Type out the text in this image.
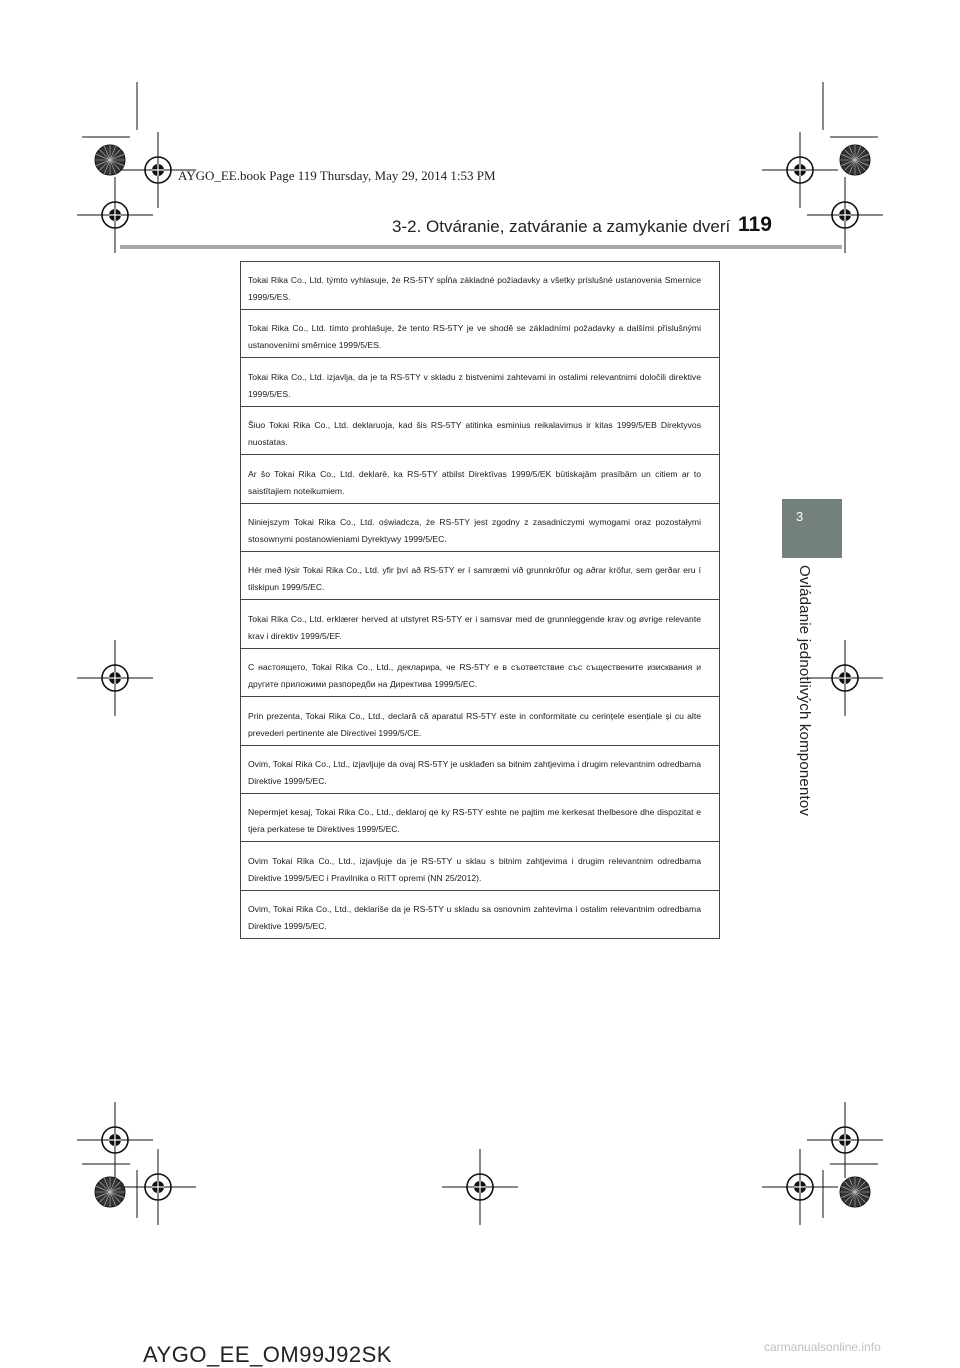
AYGO_EE.book Page 119 Thursday, May 29, 2014 1:53 PM
3-2. Otváranie, zatváranie a zamykanie dverí 119
3
Ovládanie jednotlivých komponentov
Tokai Rika Co., Ltd. týmto vyhlasuje, že RS-5TY spĺňa základné požiadavky a všetky príslušné ustanovenia Smernice 1999/5/ES.
Tokai Rika Co., Ltd. tímto prohlašuje, že tento RS-5TY je ve shodě se základními požadavky a dalšími příslušnými ustanoveními směrnice 1999/5/ES.
Tokai Rika Co., Ltd. izjavlja, da je ta RS-5TY v skladu z bistvenimi zahtevami in ostalimi relevantnimi določili direktive 1999/5/ES.
Šiuo Tokai Rika Co., Ltd. deklaruoja, kad šis RS-5TY atitinka esminius reikalavimus ir kitas 1999/5/EB Direktyvos nuostatas.
Ar šo Tokai Rika Co., Ltd. deklarē, ka RS-5TY atbilst Direktīvas 1999/5/EK būtiskajām prasībām un citiem ar to saistītajiem noteikumiem.
Niniejszym Tokai Rika Co., Ltd. oświadcza, że RS-5TY jest zgodny z zasadniczymi wymogami oraz pozostałymi stosownymi postanowieniami Dyrektywy 1999/5/EC.
Hér með lýsir Tokai Rika Co., Ltd. yfir því að RS-5TY er í samræmi við grunnkröfur og aðrar kröfur, sem gerðar eru í tilskipun 1999/5/EC.
Tokai Rika Co., Ltd. erklærer herved at utstyret RS-5TY er i samsvar med de grunnleggende krav og øvrige relevante krav i direktiv 1999/5/EF.
С настоящето, Tokai Rika Co., Ltd., декларира, че RS-5TY е в съответствие със съществените изисквания и другите приложими разпоредби на Директива 1999/5/EC.
Prin prezenta, Tokai Rika Co., Ltd., declară că aparatul RS-5TY este in conformitate cu cerințele esențiale și cu alte prevederi pertinente ale Directivei 1999/5/CE.
Ovim, Tokai Rika Co., Ltd., izjavljuje da ovaj RS-5TY je usklađen sa bitnim zahtjevima i drugim relevantnim odredbama Direktive 1999/5/EC.
Nepermjet kesaj, Tokai Rika Co., Ltd., deklaroj qe ky RS-5TY eshte ne pajtim me kerkesat thelbesore dhe dispozitat e tjera perkatese te Direktives 1999/5/EC.
Ovim Tokai Rika Co., Ltd., izjavljuje da je RS-5TY u sklau s bitnim zahtjevima i drugim relevantnim odredbama Direktive 1999/5/EC i Pravilnika o RiTT opremi (NN 25/2012).
Ovim, Tokai Rika Co., Ltd., deklariše da je RS-5TY u skladu sa osnovnim zahtevima i ostalim relevantnim odredbama Direktive 1999/5/EC.
AYGO_EE_OM99J92SK	carmanualsonline.info
